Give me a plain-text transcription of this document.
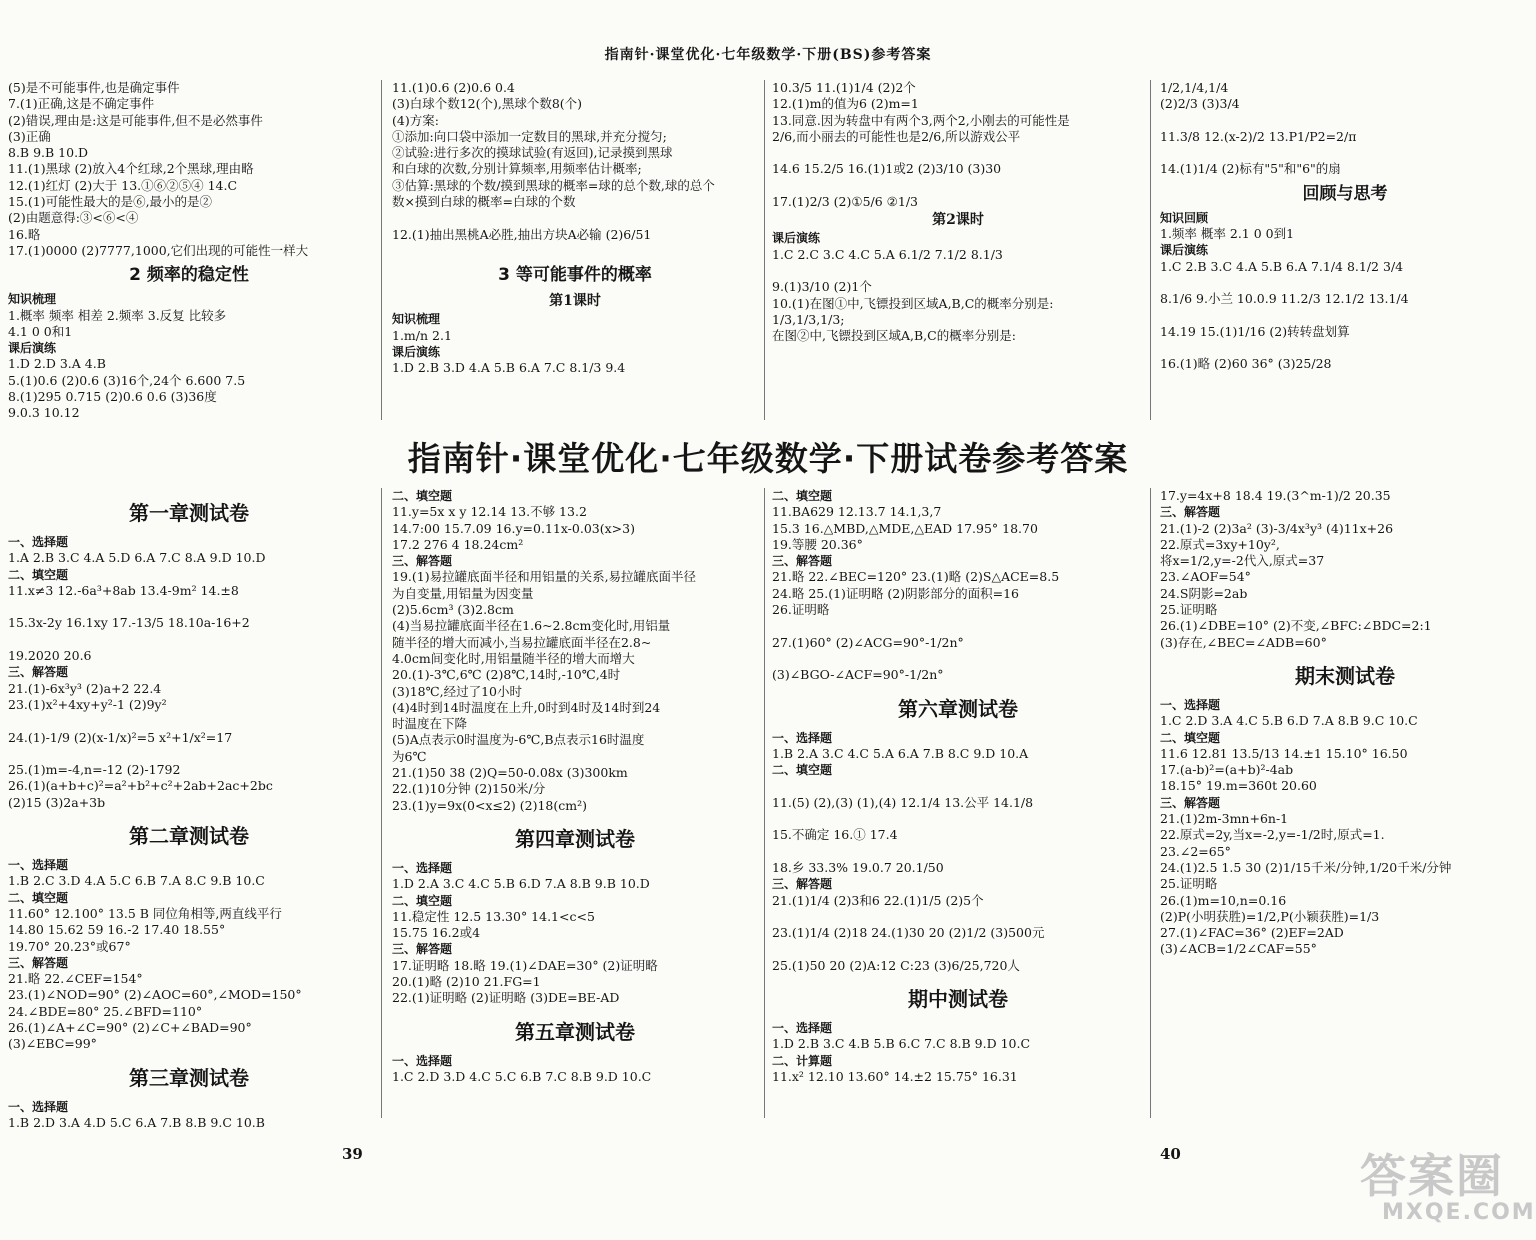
指南针·课堂优化·七年级数学·下册(BS)参考答案
(5)是不可能事件,也是确定事件
7.(1)正确,这是不确定事件
(2)错误,理由是:这是可能事件,但不是必然事件
(3)正确
8.B 9.B 10.D
11.(1)黑球 (2)放入4个红球,2个黑球,理由略
12.(1)红灯 (2)大于 13.①⑥②⑤④ 14.C
15.(1)可能性最大的是⑥,最小的是②
(2)由题意得:③<⑥<④
16.略
17.(1)0000 (2)7777,1000,它们出现的可能性一样大
2 频率的稳定性
知识梳理
1.概率 频率 相差 2.频率 3.反复 比较多
4.1 0 0和1
课后演练
1.D 2.D 3.A 4.B
5.(1)0.6 (2)0.6 (3)16个,24个 6.600 7.5
8.(1)295 0.715 (2)0.6 0.6 (3)36度
9.0.3 10.12
11.(1)0.6 (2)0.6 0.4
(3)白球个数12(个),黑球个数8(个)
(4)方案:
①添加:向口袋中添加一定数目的黑球,并充分搅匀;
②试验:进行多次的摸球试验(有返回),记录摸到黑球
和白球的次数,分别计算频率,用频率估计概率;
③估算:黑球的个数/摸到黑球的概率=球的总个数,球的总个
数×摸到白球的概率=白球的个数
12.(1)抽出黑桃A必胜,抽出方块A必输 (2)6/51
3 等可能事件的概率
第1课时
知识梳理
1.m/n 2.1
课后演练
1.D 2.B 3.D 4.A 5.B 6.A 7.C 8.1/3 9.4
10.3/5 11.(1)1/4 (2)2个
12.(1)m的值为6 (2)m=1
13.同意.因为转盘中有两个3,两个2,小刚去的可能性是
2/6,而小丽去的可能性也是2/6,所以游戏公平
14.6 15.2/5 16.(1)1或2 (2)3/10 (3)30
17.(1)2/3 (2)①5/6 ②1/3
第2课时
课后演练
1.C 2.C 3.C 4.C 5.A 6.1/2 7.1/2 8.1/3
9.(1)3/10 (2)1个
10.(1)在图①中,飞镖投到区域A,B,C的概率分别是:
1/3,1/3,1/3;
在图②中,飞镖投到区域A,B,C的概率分别是:
1/2,1/4,1/4
(2)2/3 (3)3/4
11.3/8 12.(x-2)/2 13.P1/P2=2/π
14.(1)1/4 (2)标有"5"和"6"的扇
回顾与思考
知识回顾
1.频率 概率 2.1 0 0到1
课后演练
1.C 2.B 3.C 4.A 5.B 6.A 7.1/4 8.1/2 3/4
8.1/6 9.小兰 10.0.9 11.2/3 12.1/2 13.1/4
14.19 15.(1)1/16 (2)转转盘划算
16.(1)略 (2)60 36° (3)25/28
指南针·课堂优化·七年级数学·下册试卷参考答案
第一章测试卷
一、选择题
1.A 2.B 3.C 4.A 5.D 6.A 7.C 8.A 9.D 10.D
二、填空题
11.x≠3 12.-6a³+8ab 13.4-9m² 14.±8
15.3x-2y 16.1xy 17.-13/5 18.10a-16+2
19.2020 20.6
三、解答题
21.(1)-6x³y³ (2)a+2 22.4
23.(1)x²+4xy+y²-1 (2)9y²
24.(1)-1/9 (2)(x-1/x)²=5 x²+1/x²=17
25.(1)m=-4,n=-12 (2)-1792
26.(1)(a+b+c)²=a²+b²+c²+2ab+2ac+2bc
(2)15 (3)2a+3b
第二章测试卷
一、选择题
1.B 2.C 3.D 4.A 5.C 6.B 7.A 8.C 9.B 10.C
二、填空题
11.60° 12.100° 13.5 B 同位角相等,两直线平行
14.80 15.62 59 16.-2 17.40 18.55°
19.70° 20.23°或67°
三、解答题
21.略 22.∠CEF=154°
23.(1)∠NOD=90° (2)∠AOC=60°,∠MOD=150°
24.∠BDE=80° 25.∠BFD=110°
26.(1)∠A+∠C=90° (2)∠C+∠BAD=90°
(3)∠EBC=99°
第三章测试卷
一、选择题
1.B 2.D 3.A 4.D 5.C 6.A 7.B 8.B 9.C 10.B
二、填空题
11.y=5x x y 12.14 13.不够 13.2
14.7:00 15.7.09 16.y=0.11x-0.03(x>3)
17.2 276 4 18.24cm²
三、解答题
19.(1)易拉罐底面半径和用铝量的关系,易拉罐底面半径
为自变量,用铝量为因变量
(2)5.6cm³ (3)2.8cm
(4)当易拉罐底面半径在1.6~2.8cm变化时,用铝量
随半径的增大而减小,当易拉罐底面半径在2.8~
4.0cm间变化时,用铝量随半径的增大而增大
20.(1)-3℃,6℃ (2)8℃,14时,-10℃,4时
(3)18℃,经过了10小时
(4)4时到14时温度在上升,0时到4时及14时到24
时温度在下降
(5)A点表示0时温度为-6℃,B点表示16时温度
为6℃
21.(1)50 38 (2)Q=50-0.08x (3)300km
22.(1)10分钟 (2)150米/分
23.(1)y=9x(0<x≤2) (2)18(cm²)
第四章测试卷
一、选择题
1.D 2.A 3.C 4.C 5.B 6.D 7.A 8.B 9.B 10.D
二、填空题
11.稳定性 12.5 13.30° 14.1<c<5
15.75 16.2或4
三、解答题
17.证明略 18.略 19.(1)∠DAE=30° (2)证明略
20.(1)略 (2)10 21.FG=1
22.(1)证明略 (2)证明略 (3)DE=BE-AD
第五章测试卷
一、选择题
1.C 2.D 3.D 4.C 5.C 6.B 7.C 8.B 9.D 10.C
二、填空题
11.BA629 12.13.7 14.1,3,7
15.3 16.△MBD,△MDE,△EAD 17.95° 18.70
19.等腰 20.36°
三、解答题
21.略 22.∠BEC=120° 23.(1)略 (2)S△ACE=8.5
24.略 25.(1)证明略 (2)阴影部分的面积=16
26.证明略
27.(1)60° (2)∠ACG=90°-1/2n°
(3)∠BGO-∠ACF=90°-1/2n°
第六章测试卷
一、选择题
1.B 2.A 3.C 4.C 5.A 6.A 7.B 8.C 9.D 10.A
二、填空题
11.(5) (2),(3) (1),(4) 12.1/4 13.公平 14.1/8
15.不确定 16.① 17.4
18.乡 33.3% 19.0.7 20.1/50
三、解答题
21.(1)1/4 (2)3和6 22.(1)1/5 (2)5个
23.(1)1/4 (2)18 24.(1)30 20 (2)1/2 (3)500元
25.(1)50 20 (2)A:12 C:23 (3)6/25,720人
期中测试卷
一、选择题
1.D 2.B 3.C 4.B 5.B 6.C 7.C 8.B 9.D 10.C
二、计算题
11.x² 12.10 13.60° 14.±2 15.75° 16.31
17.y=4x+8 18.4 19.(3^m-1)/2 20.35
三、解答题
21.(1)-2 (2)3a² (3)-3/4x³y³ (4)11x+26
22.原式=3xy+10y²,
将x=1/2,y=-2代入,原式=37
23.∠AOF=54°
24.S阴影=2ab
25.证明略
26.(1)∠DBE=10° (2)不变,∠BFC:∠BDC=2:1
(3)存在,∠BEC=∠ADB=60°
期末测试卷
一、选择题
1.C 2.D 3.A 4.C 5.B 6.D 7.A 8.B 9.C 10.C
二、填空题
11.6 12.81 13.5/13 14.±1 15.10° 16.50
17.(a-b)²=(a+b)²-4ab
18.15° 19.m=360t 20.60
三、解答题
21.(1)2m-3mn+6n-1
22.原式=2y,当x=-2,y=-1/2时,原式=1.
23.∠2=65°
24.(1)2.5 1.5 30 (2)1/15千米/分钟,1/20千米/分钟
25.证明略
26.(1)m=10,n=0.16
(2)P(小明获胜)=1/2,P(小颖获胜)=1/3
27.(1)∠FAC=36° (2)EF=2AD
(3)∠ACB=1/2∠CAF=55°
39	40	答案圈
MXQE.COM
